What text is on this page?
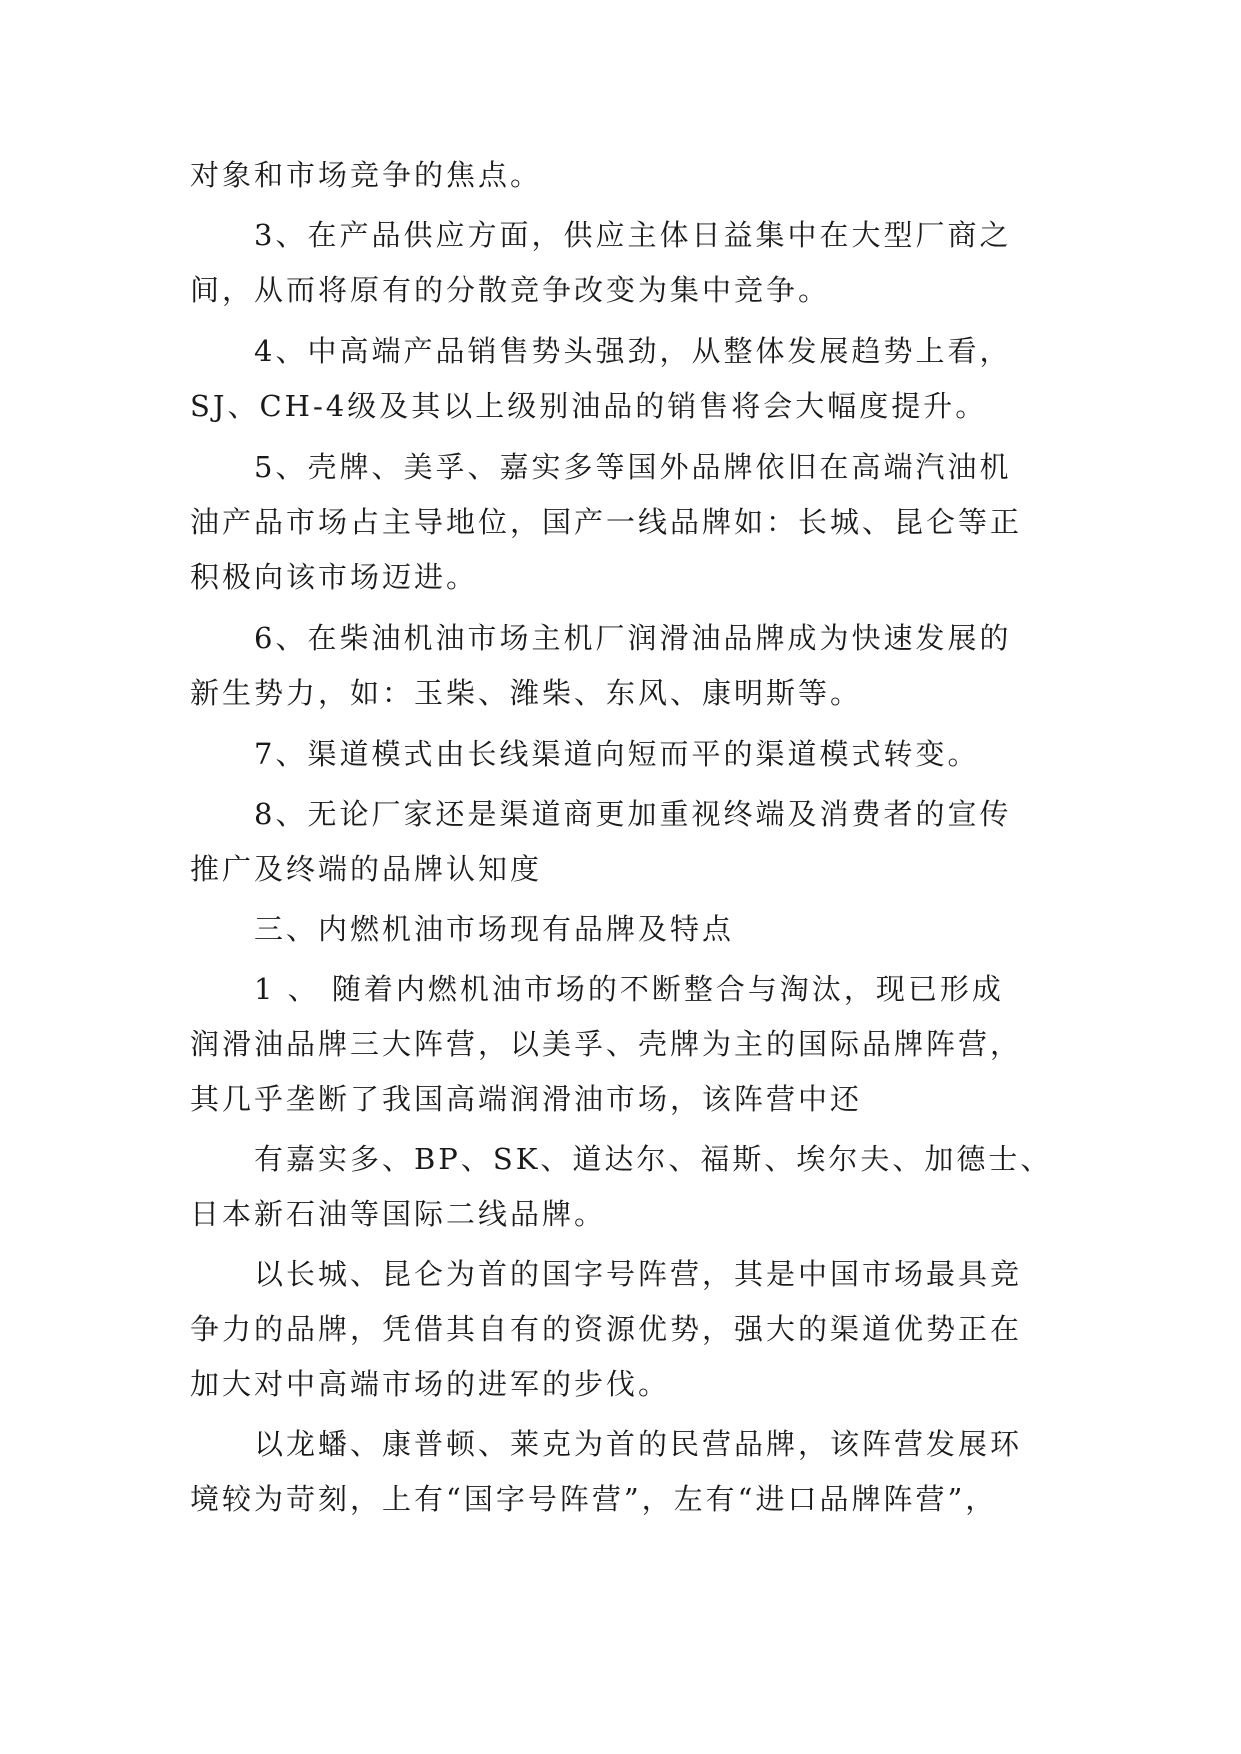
对象和市场竞争的焦点。
3、在产品供应方面，供应主体日益集中在大型厂商之
间，从而将原有的分散竞争改变为集中竞争。
4、中高端产品销售势头强劲，从整体发展趋势上看，
SJ、CH-4级及其以上级别油品的销售将会大幅度提升。
5、壳牌、美孚、嘉实多等国外品牌依旧在高端汽油机
油产品市场占主导地位，国产一线品牌如：长城、昆仑等正
积极向该市场迈进。
6、在柴油机油市场主机厂润滑油品牌成为快速发展的
新生势力，如：玉柴、潍柴、东风、康明斯等。
7、渠道模式由长线渠道向短而平的渠道模式转变。
8、无论厂家还是渠道商更加重视终端及消费者的宣传
推广及终端的品牌认知度
三、内燃机油市场现有品牌及特点
1 、 随着内燃机油市场的不断整合与淘汰，现已形成
润滑油品牌三大阵营，以美孚、壳牌为主的国际品牌阵营，
其几乎垄断了我国高端润滑油市场，该阵营中还
有嘉实多、BP、SK、道达尔、福斯、埃尔夫、加德士、
日本新石油等国际二线品牌。
以长城、昆仑为首的国字号阵营，其是中国市场最具竞
争力的品牌，凭借其自有的资源优势，强大的渠道优势正在
加大对中高端市场的进军的步伐。
以龙蟠、康普顿、莱克为首的民营品牌，该阵营发展环
境较为苛刻，上有“国字号阵营”，左有“进口品牌阵营”，
